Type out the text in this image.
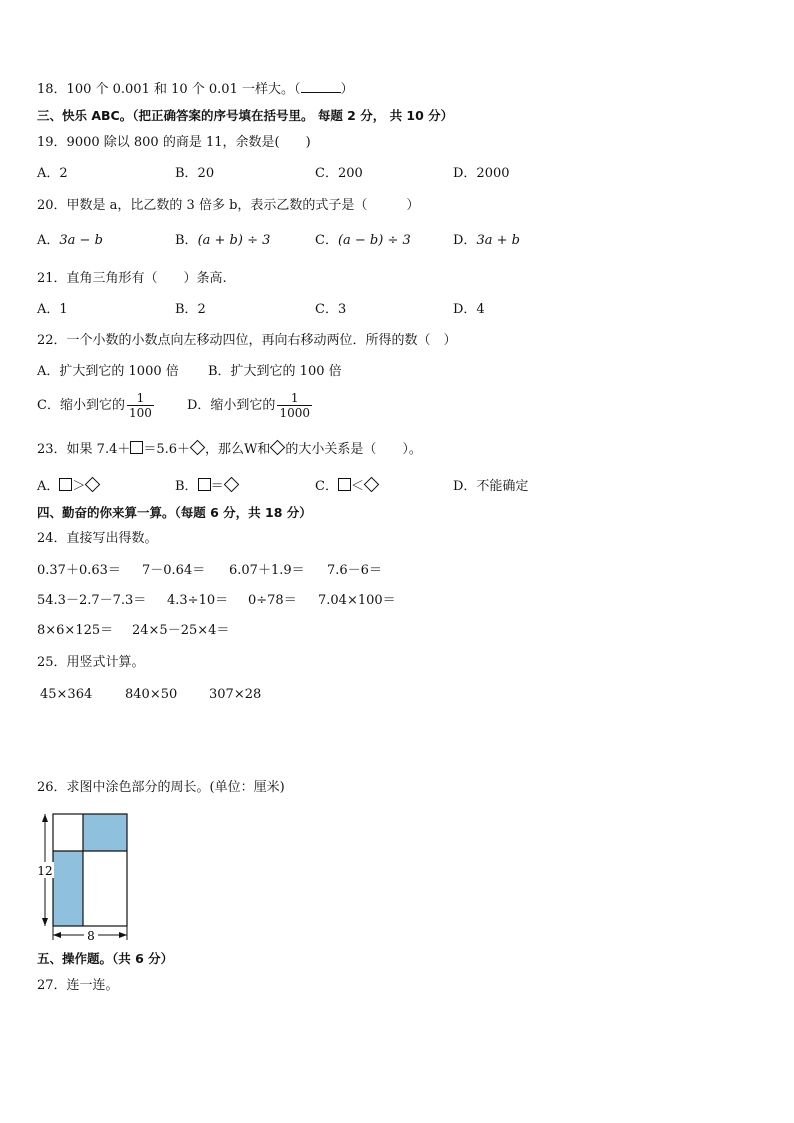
18．100 个 0.001 和 10 个 0.01 一样大。（	）
三、快乐 ABC。（把正确答案的序号填在括号里。 每题 2 分， 共 10 分）
19．9000 除以 800 的商是 11，余数是(　　)
A．2	B．20	C．200	D．2000
20．甲数是 a，比乙数的 3 倍多 b，表示乙数的式子是（　　　）
A．3a − b	B．(a + b) ÷ 3	C．(a − b) ÷ 3	D．3a + b
21．直角三角形有（　　）条高.
A．1	B．2	C．3	D．4
22．一个小数的小数点向左移动四位，再向右移动两位．所得的数（　）
A．扩大到它的 1000 倍 B．扩大到它的 100 倍
C．缩小到它的 $\frac{1}{100}$	D．缩小到它的 $\frac{1}{1000}$
23．如果 7.4＋ ＝5.6＋ ，那么W和 的大小关系是（　　）。
A． ＞	B． ＝	C． ＜	D．不能确定
四、勤奋的你来算一算。（每题 6 分，共 18 分）
24．直接写出得数。
0.37＋0.63＝ 7－0.64＝ 6.07＋1.9＝ 7.6－6＝
54.3－2.7－7.3＝ 4.3÷10＝ 0÷78＝ 7.04×100＝
8×6×125＝ 24×5－25×4＝
25．用竖式计算。
45×364	840×50 307×28
26．求图中涂色部分的周长。(单位：厘米)
12
8
五、操作题。（共 6 分）
27．连一连。
